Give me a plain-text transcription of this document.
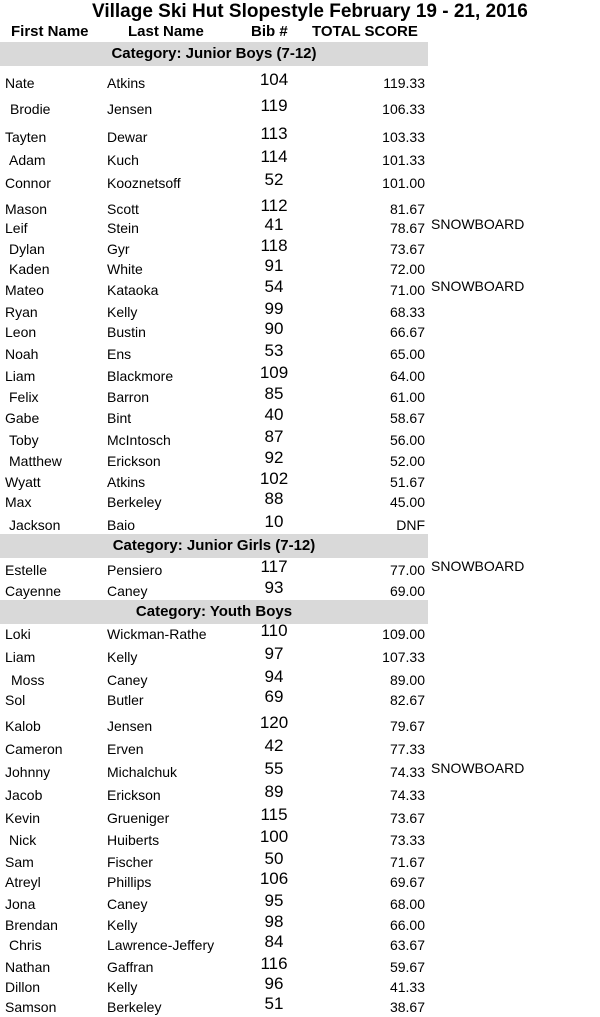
Village Ski Hut Slopestyle February 19 - 21, 2016
First Name	Last Name	Bib # TOTAL SCORE
Category: Junior Boys (7-12)
Nate	Atkins	104	119.33
Brodie	Jensen	119	106.33
Tayten	Dewar	113	103.33
Adam	Kuch	114	101.33
Connor	Kooznetsoff	52	101.00
Mason	Scott	112	81.67
Leif	Stein	41	78.67 SNOWBOARD
Dylan	Gyr	118	73.67
Kaden	White	91	72.00
Mateo	Kataoka	54	71.00 SNOWBOARD
Ryan	Kelly	99	68.33
Leon	Bustin	90	66.67
Noah	Ens	53	65.00
Liam	Blackmore	109	64.00
Felix	Barron	85	61.00
Gabe	Bint	40	58.67
Toby	McIntosch	87	56.00
Matthew	Erickson	92	52.00
Wyatt	Atkins	102	51.67
Max	Berkeley	88	45.00
Jackson	Baio	10	DNF
Category: Junior Girls (7-12)
Estelle	Pensiero	117	77.00 SNOWBOARD
Cayenne	Caney	93	69.00
Category: Youth Boys
Loki	Wickman-Rathe	110	109.00
Liam	Kelly	97	107.33
Moss	Caney	94	89.00
Sol	Butler	69	82.67
Kalob	Jensen	120	79.67
Cameron	Erven	42	77.33
Johnny	Michalchuk	55	74.33 SNOWBOARD
Jacob	Erickson	89	74.33
Kevin	Grueniger	115	73.67
Nick	Huiberts	100	73.33
Sam	Fischer	50	71.67
Atreyl	Phillips	106	69.67
Jona	Caney	95	68.00
Brendan	Kelly	98	66.00
Chris	Lawrence-Jeffery	84	63.67
Nathan	Gaffran	116	59.67
Dillon	Kelly	96	41.33
Samson	Berkeley	51	38.67
